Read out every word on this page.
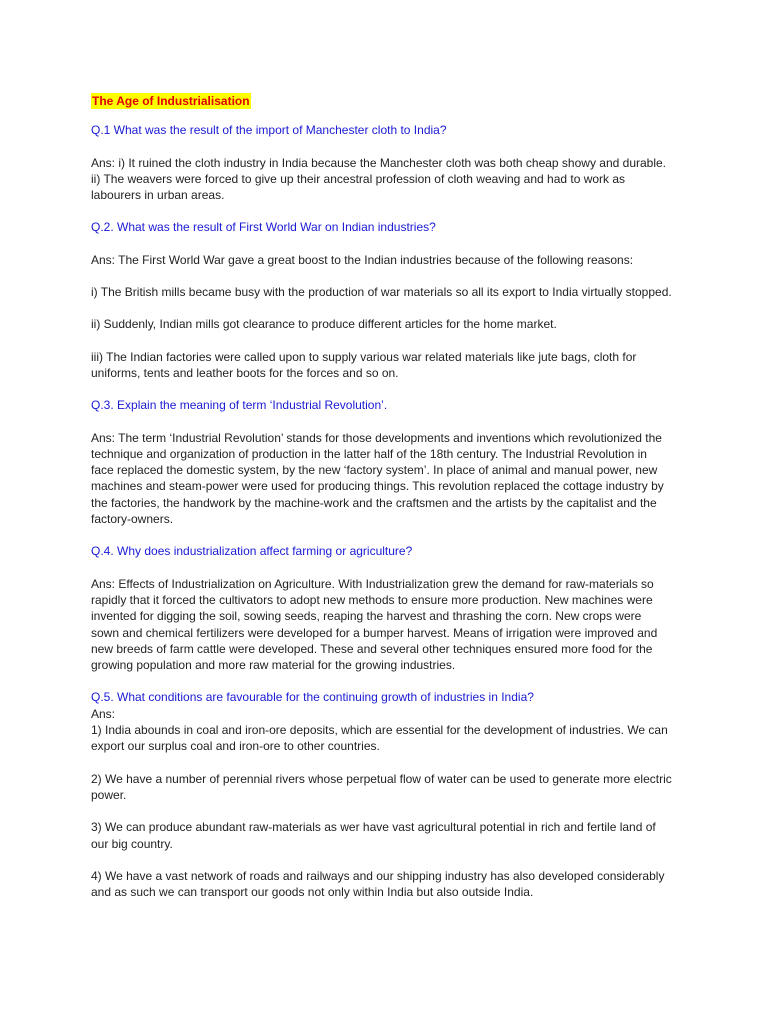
The Age of Industrialisation
Q.1 What was the result of the import of Manchester cloth to India?
Ans: i) It ruined the cloth industry in India because the Manchester cloth was both cheap showy and durable.
ii) The weavers were forced to give up their ancestral profession of cloth weaving and had to work as labourers in urban areas.
Q.2. What was the result of First World War on Indian industries?
Ans: The First World War gave a great boost to the Indian industries because of the following reasons:
i) The British mills became busy with the production of war materials so all its export to India virtually stopped.
ii) Suddenly, Indian mills got clearance to produce different articles for the home market.
iii) The Indian factories were called upon to supply various war related materials like jute bags, cloth for uniforms, tents and leather boots for the forces and so on.
Q.3. Explain the meaning of term ‘Industrial Revolution’.
Ans: The term ‘Industrial Revolution’ stands for those developments and inventions which revolutionized the technique and organization of production in the latter half of the 18th century. The Industrial Revolution in face replaced the domestic system, by the new ‘factory system’. In place of animal and manual power, new machines and steam-power were used for producing things. This revolution replaced the cottage industry by the factories, the handwork by the machine-work and the craftsmen and the artists by the capitalist and the factory-owners.
Q.4. Why does industrialization affect farming or agriculture?
Ans: Effects of Industrialization on Agriculture. With Industrialization grew the demand for raw-materials so rapidly that it forced the cultivators to adopt new methods to ensure more production. New machines were invented for digging the soil, sowing seeds, reaping the harvest and thrashing the corn. New crops were sown and chemical fertilizers were developed for a bumper harvest. Means of irrigation were improved and new breeds of farm cattle were developed. These and several other techniques ensured more food for the growing population and more raw material for the growing industries.
Q.5. What conditions are favourable for the continuing growth of industries in India?
Ans:
1) India abounds in coal and iron-ore deposits, which are essential for the development of industries. We can export our surplus coal and iron-ore to other countries.
2) We have a number of perennial rivers whose perpetual flow of water can be used to generate more electric power.
3) We can produce abundant raw-materials as wer have vast agricultural potential in rich and fertile land of our big country.
4) We have a vast network of roads and railways and our shipping industry has also developed considerably and as such we can transport our goods not only within India but also outside India.
